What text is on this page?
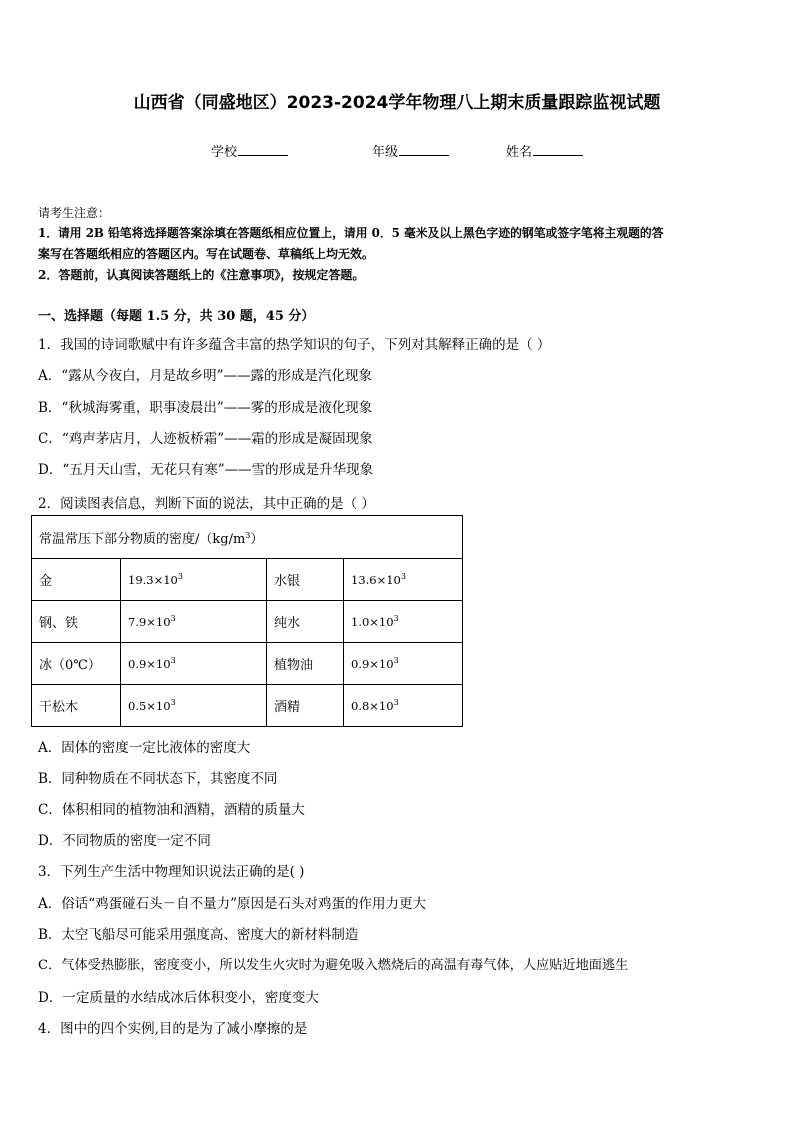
山西省（同盛地区）2023-2024学年物理八上期末质量跟踪监视试题
学校	年级	姓名
请考生注意：
1．请用 2B 铅笔将选择题答案涂填在答题纸相应位置上，请用 0．5 毫米及以上黑色字迹的钢笔或签字笔将主观题的答
案写在答题纸相应的答题区内。写在试题卷、草稿纸上均无效。
2．答题前，认真阅读答题纸上的《注意事项》，按规定答题。
一、选择题（每题 1.5 分，共 30 题，45 分）
1．我国的诗词歌赋中有许多蕴含丰富的热学知识的句子，下列对其解释正确的是（ ）
A．“露从今夜白，月是故乡明”——露的形成是汽化现象
B．“秋城海雾重，职事凌晨出”——雾的形成是液化现象
C．“鸡声茅店月，人迹板桥霜”——霜的形成是凝固现象
D．“五月天山雪，无花只有寒”——雪的形成是升华现象
2．阅读图表信息，判断下面的说法，其中正确的是（ ）
常温常压下部分物质的密度$/(kg/m^3)$			
金	$19.3\times 10^3$	水银	$13.6\times 10^3$
钢、铁	$7.9\times 10^3$	纯水	$1.0\times 10^3$
冰（0℃）	$0.9\times 10^3$	植物油	$0.9\times 10^3$
干松木	$0.5\times 10^3$	酒精	$0.8\times 10^3$
A．固体的密度一定比液体的密度大
B．同种物质在不同状态下，其密度不同
C．体积相同的植物油和酒精，酒精的质量大
D．不同物质的密度一定不同
3．下列生产生活中物理知识说法正确的是( )
A．俗话“鸡蛋碰石头－自不量力”原因是石头对鸡蛋的作用力更大
B．太空飞船尽可能采用强度高、密度大的新材料制造
C．气体受热膨胀，密度变小，所以发生火灾时为避免吸入燃烧后的高温有毒气体，人应贴近地面逃生
D．一定质量的水结成冰后体积变小，密度变大
4．图中的四个实例,目的是为了减小摩擦的是
